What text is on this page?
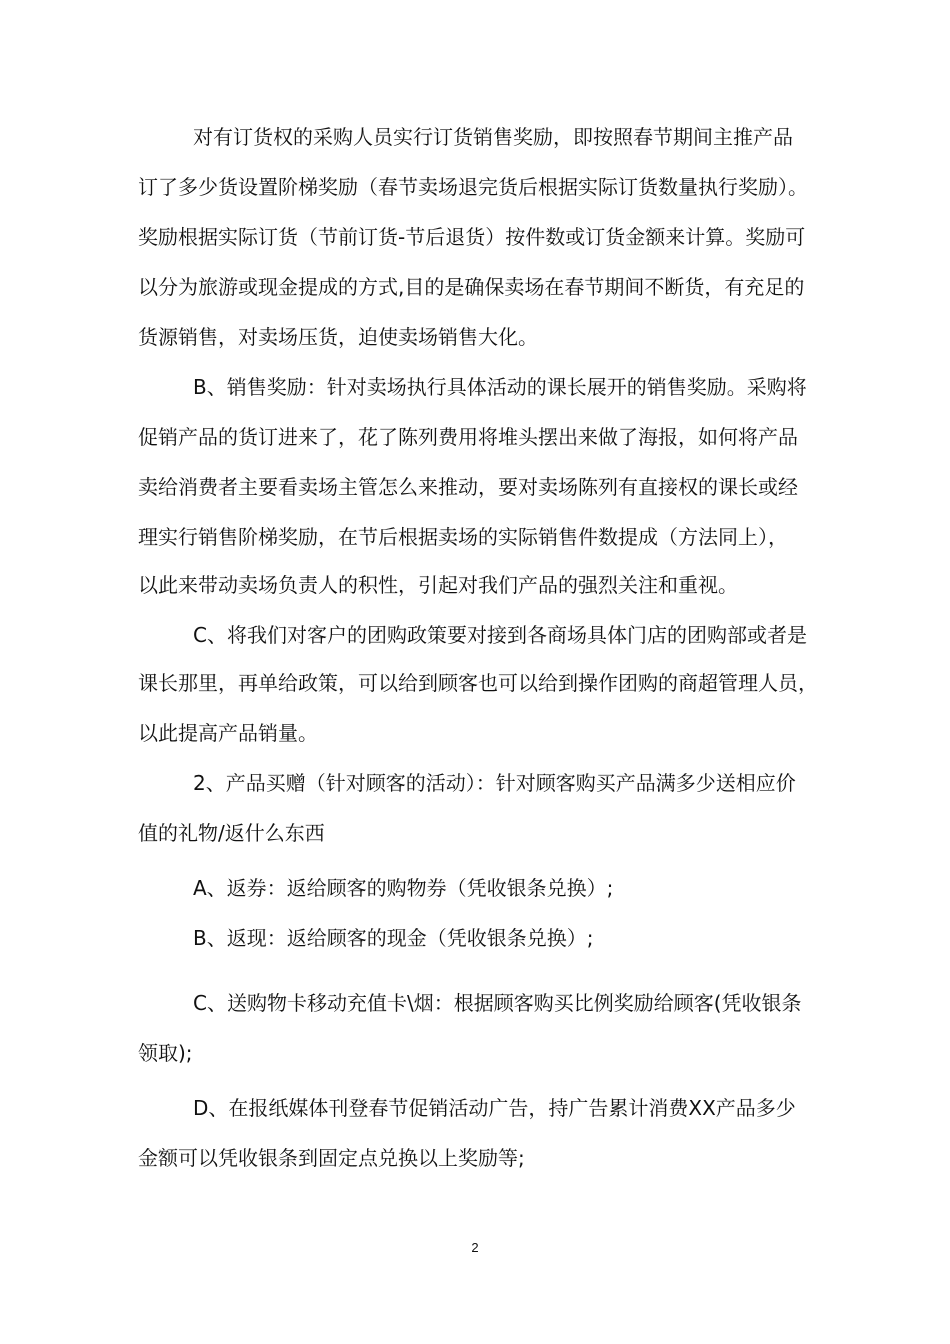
对有订货权的采购人员实行订货销售奖励，即按照春节期间主推产品
订了多少货设置阶梯奖励（春节卖场退完货后根据实际订货数量执行奖励）。
奖励根据实际订货（节前订货-节后退货）按件数或订货金额来计算。奖励可
以分为旅游或现金提成的方式,目的是确保卖场在春节期间不断货，有充足的
货源销售，对卖场压货，迫使卖场销售大化。
B、销售奖励：针对卖场执行具体活动的课长展开的销售奖励。采购将
促销产品的货订进来了，花了陈列费用将堆头摆出来做了海报，如何将产品
卖给消费者主要看卖场主管怎么来推动，要对卖场陈列有直接权的课长或经
理实行销售阶梯奖励，在节后根据卖场的实际销售件数提成（方法同上），
以此来带动卖场负责人的积性，引起对我们产品的强烈关注和重视。
C、将我们对客户的团购政策要对接到各商场具体门店的团购部或者是
课长那里，再单给政策，可以给到顾客也可以给到操作团购的商超管理人员，
以此提高产品销量。
2、产品买赠（针对顾客的活动）：针对顾客购买产品满多少送相应价
值的礼物/返什么东西
A、返券：返给顾客的购物券（凭收银条兑换）;
B、返现：返给顾客的现金（凭收银条兑换）;
C、送购物卡移动充值卡\烟：根据顾客购买比例奖励给顾客(凭收银条
领取);
D、在报纸媒体刊登春节促销活动广告，持广告累计消费XX产品多少
金额可以凭收银条到固定点兑换以上奖励等;
2
